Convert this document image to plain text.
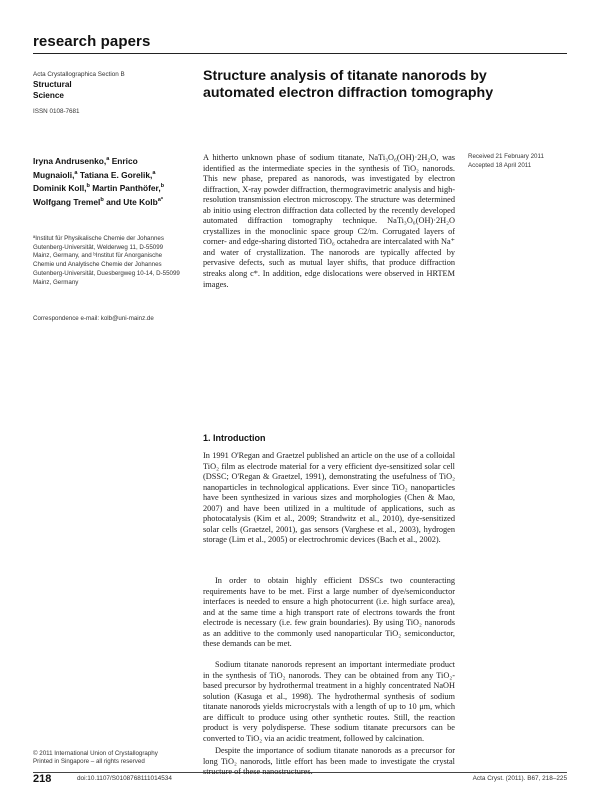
research papers
Acta Crystallographica Section B
Structural
Science
ISSN 0108-7681
Structure analysis of titanate nanorods by automated electron diffraction tomography
Iryna Andrusenko,$^a$ Enrico Mugnaioli,$^a$ Tatiana E. Gorelik,$^a$ Dominik Koll,$^b$ Martin Panthöfer,$^b$ Wolfgang Tremel$^b$ and Ute Kolb$^{a*}$
ªInstitut für Physikalische Chemie der Johannes Gutenberg-Universität, Welderweg 11, D-55099 Mainz, Germany, and ᵇInstitut für Anorganische Chemie und Analytische Chemie der Johannes Gutenberg-Universität, Duesbergweg 10-14, D-55099 Mainz, Germany
Correspondence e-mail: kolb@uni-mainz.de
Received 21 February 2011
Accepted 18 April 2011

A hitherto unknown phase of sodium titanate, NaTi₃O₆(OH)·2H₂O, was identified as the intermediate species in the synthesis of TiO₂ nanorods. This new phase, prepared as nanorods, was investigated by electron diffraction, X-ray powder diffraction, thermogravimetric analysis and high-resolution transmission electron microscopy. The structure was determined ab initio using electron diffraction data collected by the recently developed automated diffraction tomography technique. NaTi₃O₆(OH)·2H₂O crystallizes in the monoclinic space group C2/m. Corrugated layers of corner- and edge-sharing distorted TiO₆ octahedra are intercalated with Na⁺ and water of crystallization. The nanorods are typically affected by pervasive defects, such as mutual layer shifts, that produce diffraction streaks along c*. In addition, edge dislocations were observed in HRTEM images.

1. Introduction

In 1991 O'Regan and Graetzel published an article on the use of a colloidal TiO₂ film as electrode material for a very efficient dye-sensitized solar cell (DSSC; O'Regan & Graetzel, 1991), demonstrating the usefulness of TiO₂ nanoparticles in technological applications. Ever since TiO₂ nanoparticles have been synthesized in various sizes and morphologies (Chen & Mao, 2007) and have been utilized in a multitude of applications, such as photocatalysis (Kim et al., 2009; Strandwitz et al., 2010), dye-sensitized solar cells (Graetzel, 2001), gas sensors (Varghese et al., 2003), hydrogen storage (Lim et al., 2005) or electrochromic devices (Bach et al., 2002).

In order to obtain highly efficient DSSCs two counteracting requirements have to be met. First a large number of dye/semiconductor interfaces is needed to ensure a high photocurrent (i.e. high surface area), and at the same time a high transport rate of electrons towards the front electrode is necessary (i.e. few grain boundaries). By using TiO₂ nanorods as an additive to the commonly used nanoparticular TiO₂ semiconductor, these demands can be met.

Sodium titanate nanorods represent an important intermediate product in the synthesis of TiO₂ nanorods. They can be obtained from any TiO₂-based precursor by hydrothermal treatment in a highly concentrated NaOH solution (Kasuga et al., 1998). The hydrothermal synthesis of sodium titanate nanorods yields microcrystals with a length of up to 10 μm, which are difficult to produce using other synthetic routes. Still, the reaction product is very polydisperse. These sodium titanate precursors can be converted to TiO₂ via an acidic treatment, followed by calcination.

© 2011 International Union of Crystallography
Printed in Singapore – all rights reserved
218	doi:10.1107/S0108768111014534	Acta Cryst. (2011). B67, 218–225

Despite the importance of sodium titanate nanorods as a precursor for long TiO₂ nanorods, little effort has been made to investigate the crystal structure of these nanostructures.
